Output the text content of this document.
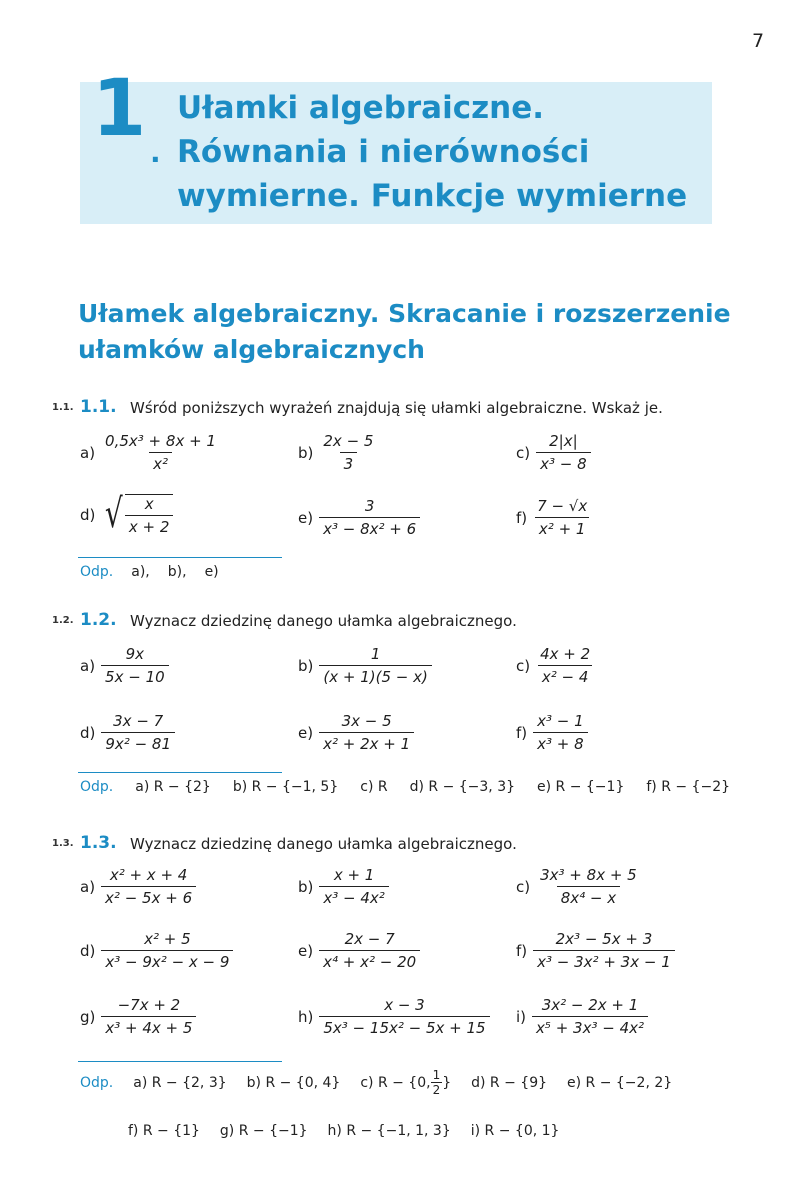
7
1 .
Ułamki algebraiczne.
Równania i nierówności
wymierne. Funkcje wymierne
Ułamek algebraiczny. Skracanie i rozszerzenie
ułamków algebraicznych
1.1. 1.1. Wśród poniższych wyrażeń znajdują się ułamki algebraiczne. Wskaż je.
$a) \frac{\text{0,5x³ + 8x + 1}}{\text{x²}}$	$b) \frac{2x - 5}{3}$	$c) \frac{2|x|}{\text{x³ − 8}}$
d) √ $\frac{x}{x + 2}$	$e) \frac{3}{\text{x³ − 8x² + 6}}$	$f) \frac{7 - √x}{\text{x² + 1}}$
Odp. a), b), e)
1.2. 1.2. Wyznacz dziedzinę danego ułamka algebraicznego.
$a) \frac{9x}{5x - 10}$	$b) \frac{1}{(x + 1)(5 - x)}$	$c) \frac{4x + 2}{\text{x² − 4}}$
$d) \frac{3x - 7}{\text{9x² − 81}}$	$e) \frac{3x - 5}{\text{x² + 2x + 1}}$	$f) \frac{\text{x³ − 1}}{\text{x³ + 8}}$
Odp. a) R − {2} b) R − {−1, 5} c) R d) R − {−3, 3} e) R − {−1} f) R − {−2}
1.3. 1.3. Wyznacz dziedzinę danego ułamka algebraicznego.
$a) \frac{\text{x² + x + 4}}{\text{x² − 5x + 6}}$	$b) \frac{x + 1}{\text{x³ − 4x²}}$	$c) \frac{\text{3x³ + 8x + 5}}{\text{8x⁴ − x}}$
$d) \frac{\text{x² + 5}}{\text{x³ − 9x² − x − 9}}$	$e) \frac{2x - 7}{\text{x⁴ + x² − 20}}$	$f) \frac{\text{2x³ − 5x + 3}}{\text{x³ − 3x² + 3x − 1}}$
$g) \frac{-7x + 2}{\text{x³ + 4x + 5}}$	$h) \frac{x - 3}{\text{5x³ − 15x² − 5x + 15}} i) \frac{\text{3x² − 2x + 1}}{\text{x⁵ + 3x³ − 4x²}}$
Odp. a) R − {2, 3} b) R − {0, 4} c) R − {0, $\frac{1}{2}$ } d) R − {9} e) R − {−2, 2}
f) R − {1} g) R − {−1} h) R − {−1, 1, 3} i) R − {0, 1}
